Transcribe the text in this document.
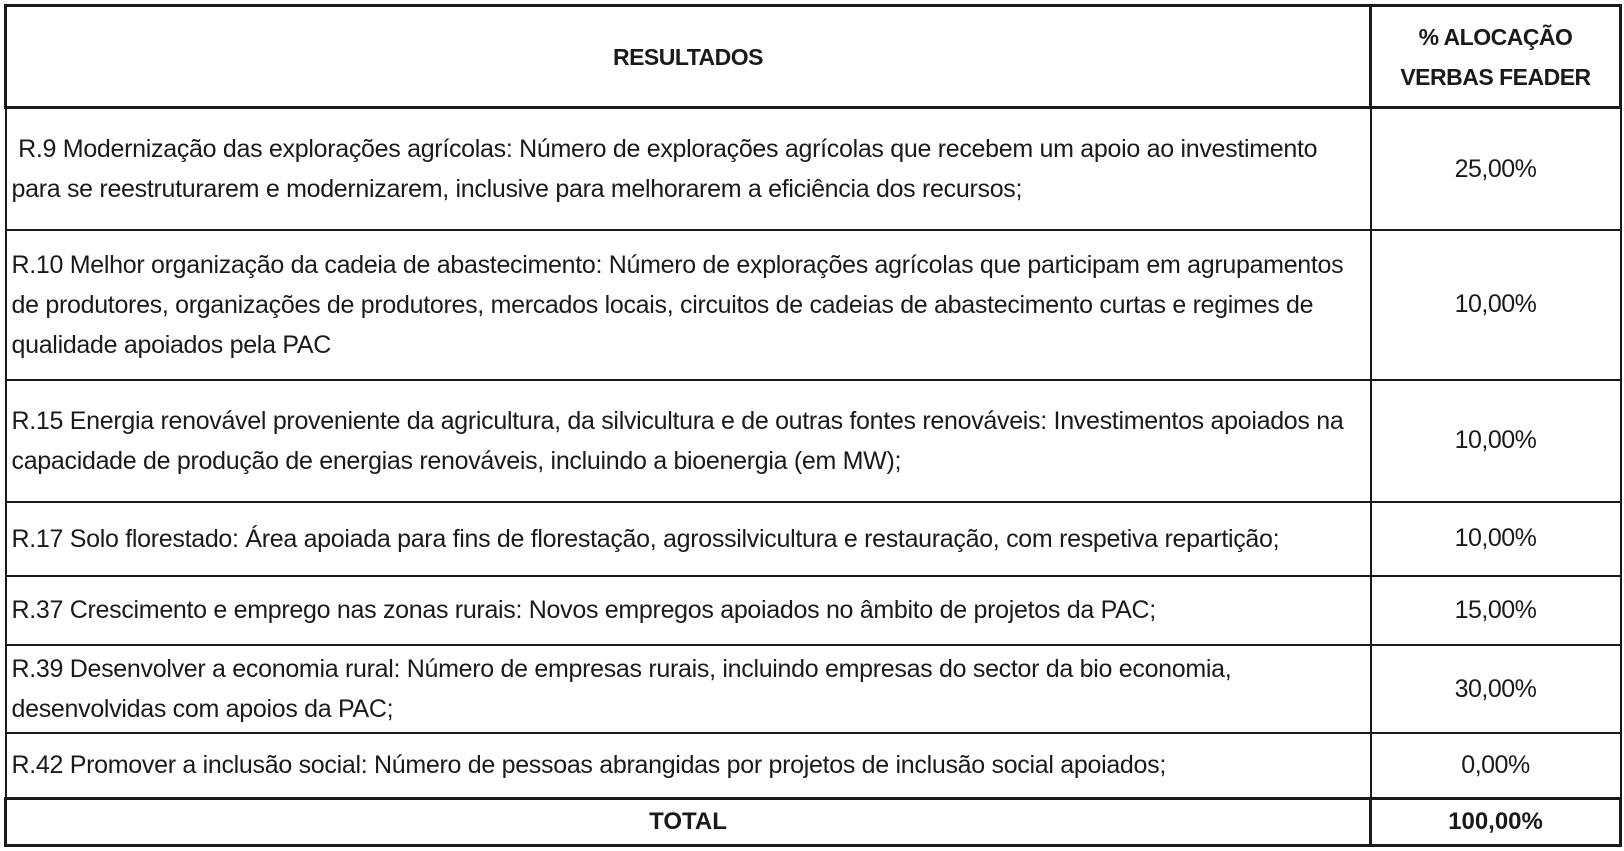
RESULTADOS	% ALOCAÇÃO
VERBAS FEADER

R.9 Modernização das explorações agrícolas: Número de explorações agrícolas que recebem um apoio ao investimento para se reestruturarem e modernizarem, inclusive para melhorarem a eficiência dos recursos;	25,00%
R.10 Melhor organização da cadeia de abastecimento: Número de explorações agrícolas que participam em agrupamentos de produtores, organizações de produtores, mercados locais, circuitos de cadeias de abastecimento curtas e regimes de qualidade apoiados pela PAC	10,00%
R.15 Energia renovável proveniente da agricultura, da silvicultura e de outras fontes renováveis: Investimentos apoiados na capacidade de produção de energias renováveis, incluindo a bioenergia (em MW);	10,00%
R.17 Solo florestado: Área apoiada para fins de florestação, agrossilvicultura e restauração, com respetiva repartição;	10,00%
R.37 Crescimento e emprego nas zonas rurais: Novos empregos apoiados no âmbito de projetos da PAC;	15,00%
R.39 Desenvolver a economia rural: Número de empresas rurais, incluindo empresas do sector da bio economia, desenvolvidas com apoios da PAC;	30,00%
R.42 Promover a inclusão social: Número de pessoas abrangidas por projetos de inclusão social apoiados;	0,00%
TOTAL	100,00%
